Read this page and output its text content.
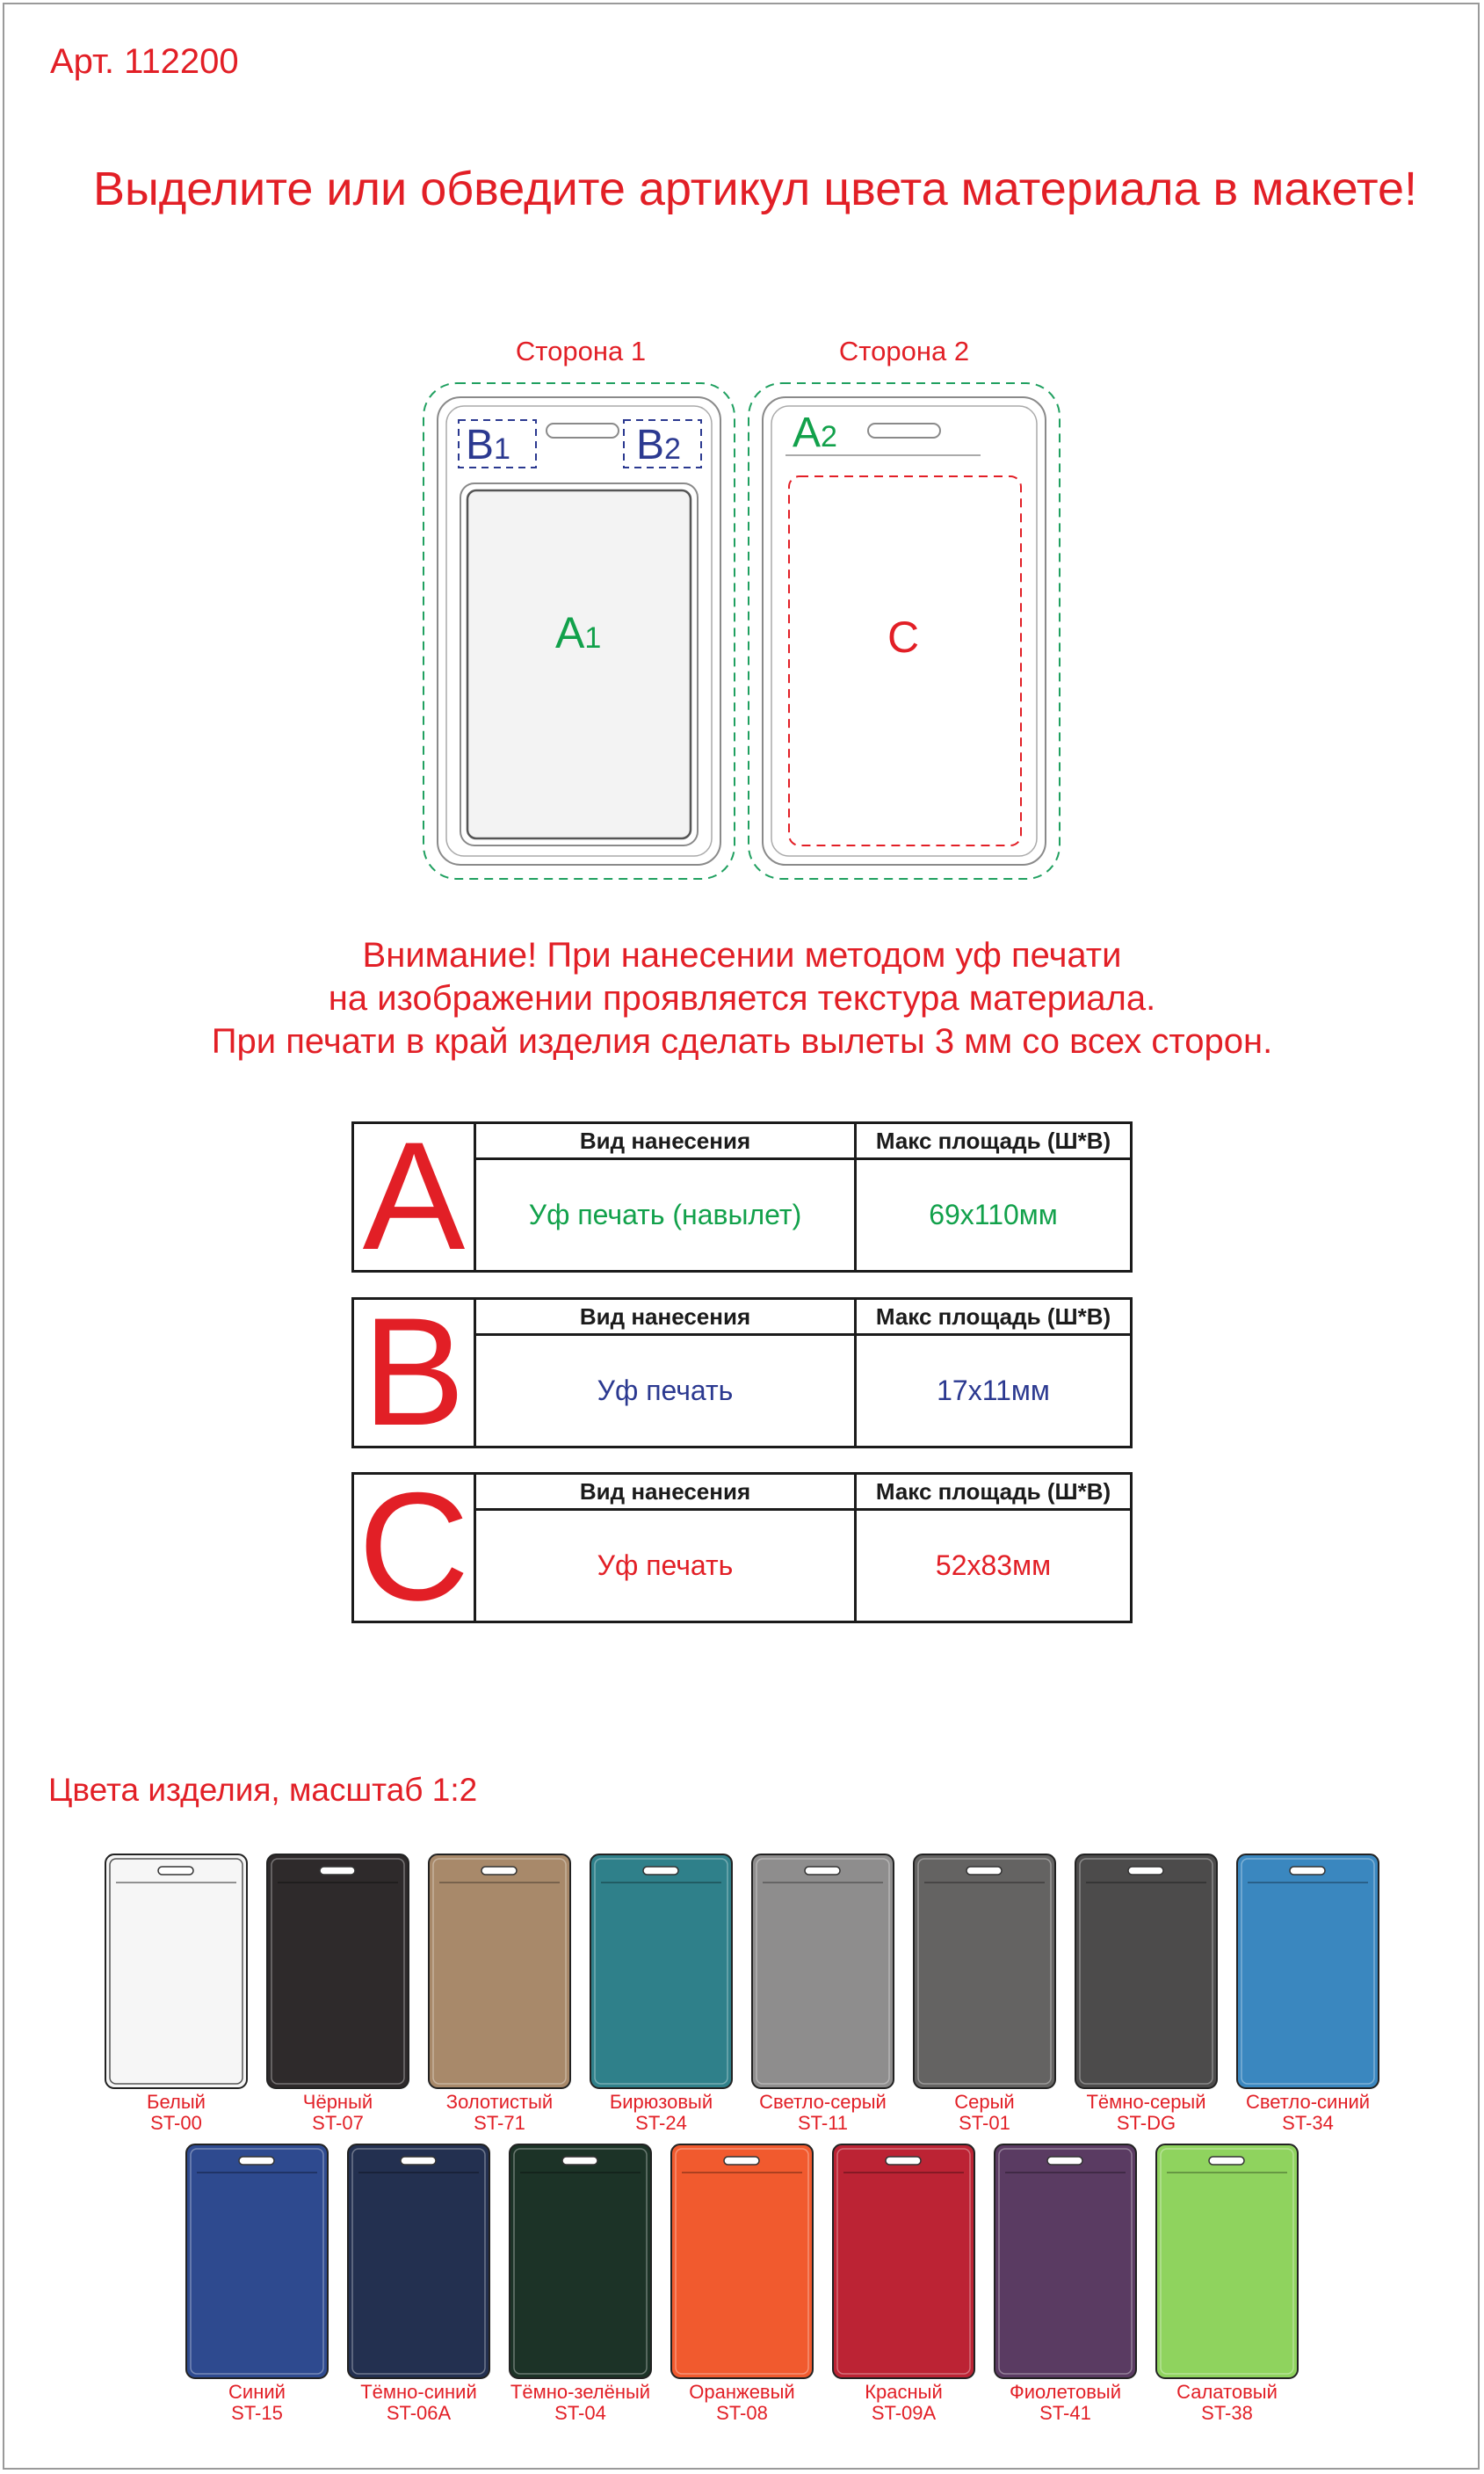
Арт. 112200
Выделите или обведите артикул цвета материала в макете!
Сторона 1	Сторона 2
B1	B2
A1
A2
C
Внимание! При нанесении методом уф печати
на изображении проявляется текстура материала.
При печати в край изделия сделать вылеты 3 мм со всех сторон.
A	Вид нанесения	Макс площадь (Ш*В)
	Уф печать (навылет)	69x110мм
B	Вид нанесения	Макс площадь (Ш*В)
	Уф печать	17x11мм
C	Вид нанесения	Макс площадь (Ш*В)
	Уф печать	52x83мм
Цвета изделия, масштаб 1:2
Белый
ST-00
Чёрный
ST-07
Золотистый
ST-71
Бирюзовый
ST-24
Светло-серый
ST-11
Серый
ST-01
Тёмно-серый
ST-DG
Светло-синий
ST-34
Синий
ST-15
Тёмно-синий
ST-06A
Тёмно-зелёный
ST-04
Оранжевый
ST-08
Красный
ST-09A
Фиолетовый
ST-41
Салатовый
ST-38
